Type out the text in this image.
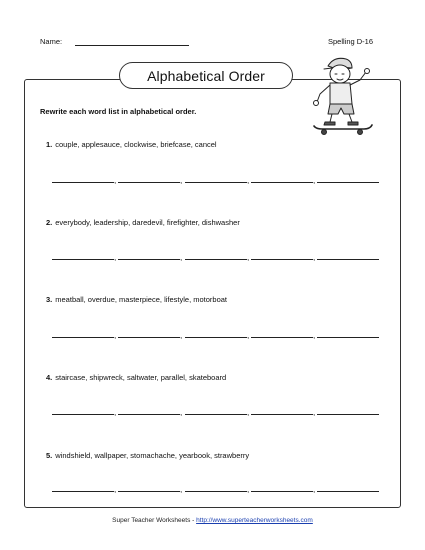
Name:	Spelling D-16
Alphabetical Order
Rewrite each word list in alphabetical order.
1. couple, applesauce, clockwise, briefcase, cancel
,	,	,	,
2. everybody, leadership, daredevil, firefighter, dishwasher
,	,	,	,
3. meatball, overdue, masterpiece, lifestyle, motorboat
,	,	,	,
4. staircase, shipwreck, saltwater, parallel, skateboard
,	,	,	,
5. windshield, wallpaper, stomachache, yearbook, strawberry
,	,	,	,
Super Teacher Worksheets - http://www.superteacherworksheets.com
